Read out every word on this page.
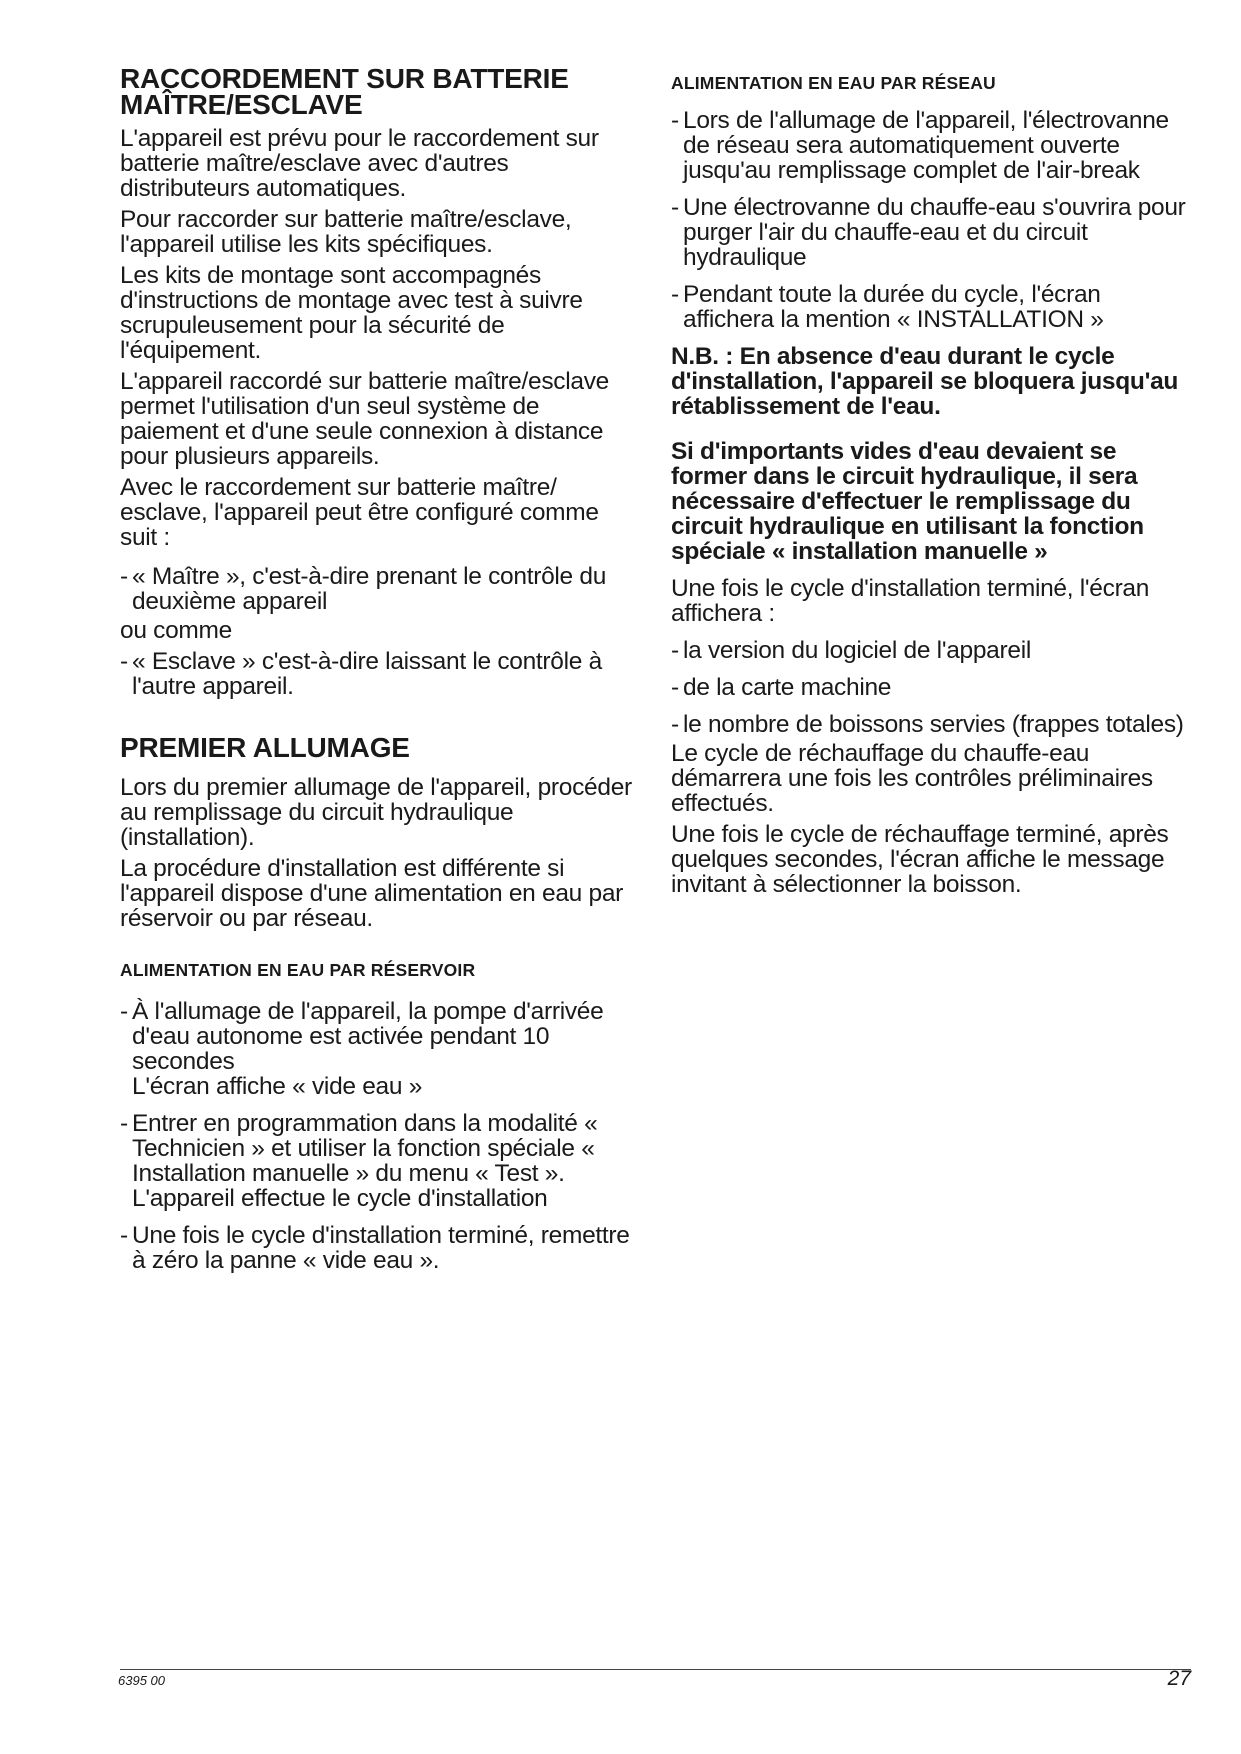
RACCORDEMENT SUR BATTERIE MAÎTRE/ESCLAVE
L'appareil est prévu pour le raccordement sur batterie maître/esclave avec d'autres distributeurs automatiques.
Pour raccorder sur batterie maître/esclave, l'appareil utilise les kits spécifiques.
Les kits de montage sont accompagnés d'instructions de montage avec test à suivre scrupuleusement pour la sécurité de l'équipement.
L'appareil raccordé sur batterie maître/esclave permet l'utilisation d'un seul système de paiement et d'une seule connexion à distance pour plusieurs appareils.
Avec le raccordement sur batterie maître/ esclave, l'appareil peut être configuré comme suit :
- « Maître », c'est-à-dire prenant le contrôle du deuxième appareil
ou comme
- « Esclave » c'est-à-dire laissant le contrôle à l'autre appareil.
PREMIER ALLUMAGE
Lors du premier allumage de l'appareil, procéder au remplissage du circuit hydraulique (installation).
La procédure d'installation est différente si l'appareil dispose d'une alimentation en eau par réservoir ou par réseau.
ALIMENTATION EN EAU PAR RÉSERVOIR
- À l'allumage de l'appareil, la pompe d'arrivée d'eau autonome est activée pendant 10 secondes
L'écran affiche « vide eau »
- Entrer en programmation dans la modalité « Technicien » et utiliser la fonction spéciale « Installation manuelle » du menu « Test ».
L'appareil effectue le cycle d'installation
- Une fois le cycle d'installation terminé, remettre à zéro la panne « vide eau ».
ALIMENTATION EN EAU PAR RÉSEAU
- Lors de l'allumage de l'appareil, l'électrovanne de réseau sera automatiquement ouverte jusqu'au remplissage complet de l'air-break
- Une électrovanne du chauffe-eau s'ouvrira pour purger l'air du chauffe-eau et du circuit hydraulique
- Pendant toute la durée du cycle, l'écran affichera la mention « INSTALLATION »
N.B. : En absence d'eau durant le cycle d'installation, l'appareil se bloquera jusqu'au rétablissement de l'eau.
Si d'importants vides d'eau devaient se former dans le circuit hydraulique, il sera nécessaire d'effectuer le remplissage du circuit hydraulique en utilisant la fonction spéciale « installation manuelle »
Une fois le cycle d'installation terminé, l'écran affichera :
- la version du logiciel de l'appareil
- de la carte machine
- le nombre de boissons servies (frappes totales)
Le cycle de réchauffage du chauffe-eau démarrera une fois les contrôles préliminaires effectués.
Une fois le cycle de réchauffage terminé, après quelques secondes, l'écran affiche le message invitant à sélectionner la boisson.
6395 00	27
